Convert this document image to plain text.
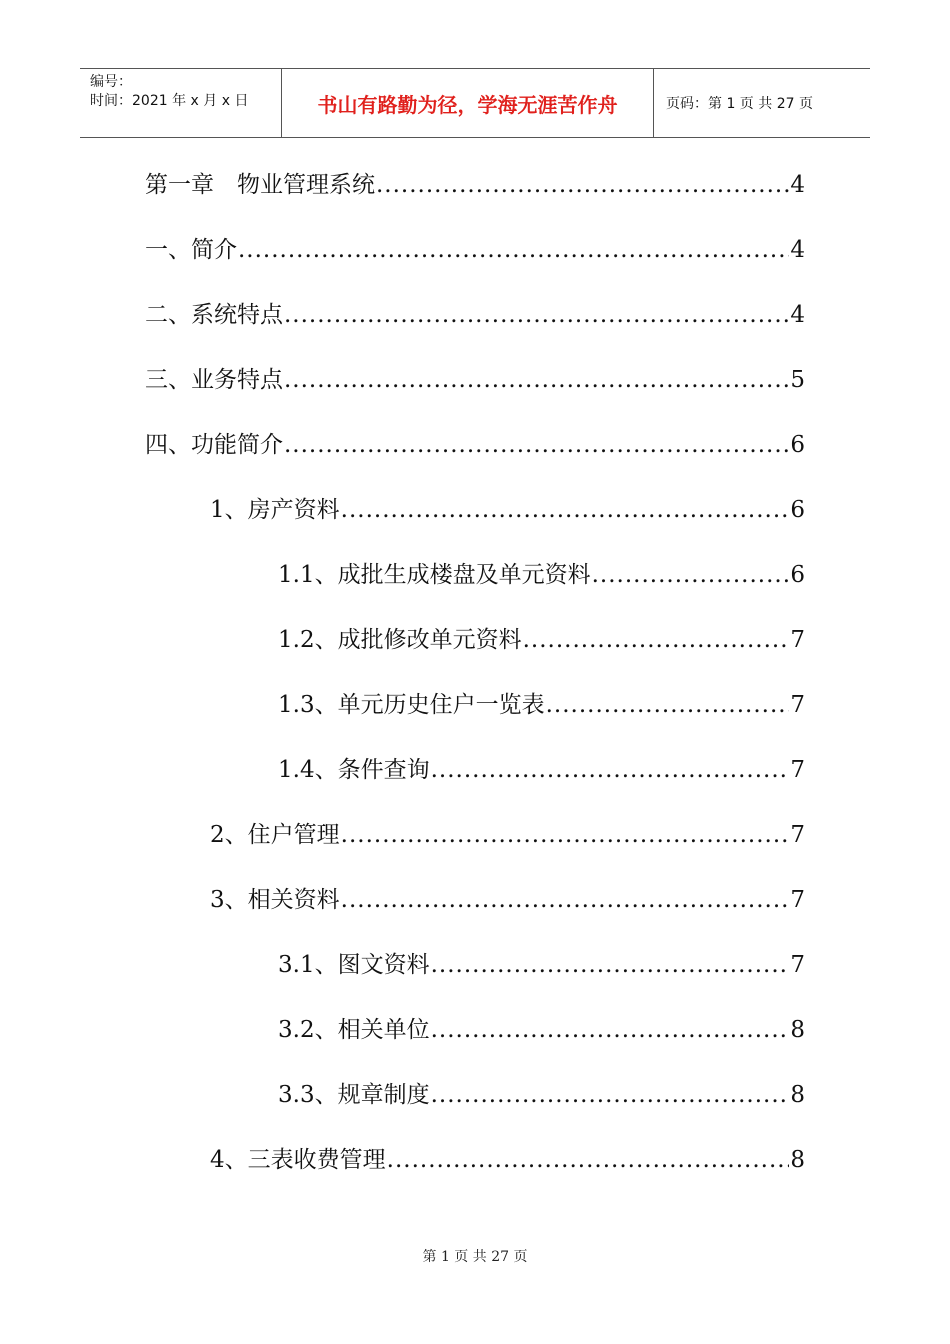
编号：
时间：2021 年 x 月 x 日	书山有路勤为径，学海无涯苦作舟	页码：第 1 页 共 27 页
第一章　物业管理系统 .....	4
一、简介 .....	4
二、系统特点 .....	4
三、业务特点 .....	5
四、功能简介 .....	6
1、房产资料 .....	6
1.1、成批生成楼盘及单元资料 .....	6
1.2、成批修改单元资料 .....	7
1.3、单元历史住户一览表 .....	7
1.4、条件查询 .....	7
2、住户管理 .....	7
3、相关资料 .....	7
3.1、图文资料 .....	7
3.2、相关单位 .....	8
3.3、规章制度 .....	8
4、三表收费管理 .....	8
第 1 页 共 27 页
